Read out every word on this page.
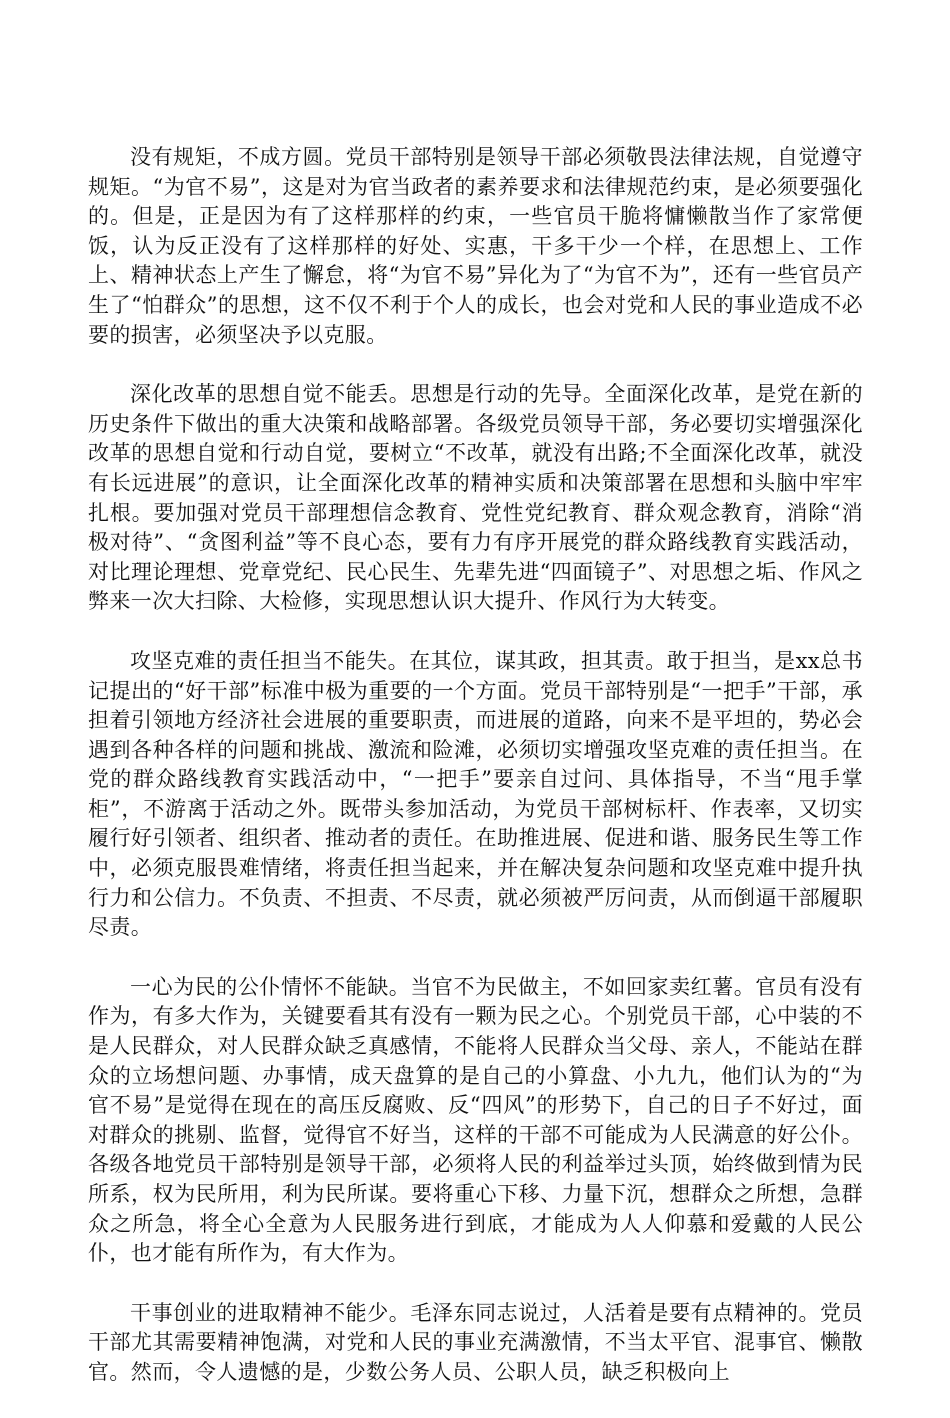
没有规矩，不成方圆。党员干部特别是领导干部必须敬畏法律法规，自觉遵守规矩。“为官不易”，这是对为官当政者的素养要求和法律规范约束，是必须要强化的。但是，正是因为有了这样那样的约束，一些官员干脆将慵懒散当作了家常便饭，认为反正没有了这样那样的好处、实惠，干多干少一个样，在思想上、工作上、精神状态上产生了懈怠，将“为官不易”异化为了“为官不为”，还有一些官员产生了“怕群众”的思想，这不仅不利于个人的成长，也会对党和人民的事业造成不必要的损害，必须坚决予以克服。

深化改革的思想自觉不能丢。思想是行动的先导。全面深化改革，是党在新的历史条件下做出的重大决策和战略部署。各级党员领导干部，务必要切实增强深化改革的思想自觉和行动自觉，要树立“不改革，就没有出路;不全面深化改革，就没有长远进展”的意识，让全面深化改革的精神实质和决策部署在思想和头脑中牢牢扎根。要加强对党员干部理想信念教育、党性党纪教育、群众观念教育，消除“消极对待”、“贪图利益”等不良心态，要有力有序开展党的群众路线教育实践活动，对比理论理想、党章党纪、民心民生、先辈先进“四面镜子”、对思想之垢、作风之弊来一次大扫除、大检修，实现思想认识大提升、作风行为大转变。

攻坚克难的责任担当不能失。在其位，谋其政，担其责。敢于担当，是xx总书记提出的“好干部”标准中极为重要的一个方面。党员干部特别是“一把手”干部，承担着引领地方经济社会进展的重要职责，而进展的道路，向来不是平坦的，势必会遇到各种各样的问题和挑战、激流和险滩，必须切实增强攻坚克难的责任担当。在党的群众路线教育实践活动中，“一把手”要亲自过问、具体指导，不当“甩手掌柜”，不游离于活动之外。既带头参加活动，为党员干部树标杆、作表率，又切实履行好引领者、组织者、推动者的责任。在助推进展、促进和谐、服务民生等工作中，必须克服畏难情绪，将责任担当起来，并在解决复杂问题和攻坚克难中提升执行力和公信力。不负责、不担责、不尽责，就必须被严厉问责，从而倒逼干部履职尽责。

一心为民的公仆情怀不能缺。当官不为民做主，不如回家卖红薯。官员有没有作为，有多大作为，关键要看其有没有一颗为民之心。个别党员干部，心中装的不是人民群众，对人民群众缺乏真感情，不能将人民群众当父母、亲人，不能站在群众的立场想问题、办事情，成天盘算的是自己的小算盘、小九九，他们认为的“为官不易”是觉得在现在的高压反腐败、反“四风”的形势下，自己的日子不好过，面对群众的挑剔、监督，觉得官不好当，这样的干部不可能成为人民满意的好公仆。各级各地党员干部特别是领导干部，必须将人民的利益举过头顶，始终做到情为民所系，权为民所用，利为民所谋。要将重心下移、力量下沉，想群众之所想，急群众之所急，将全心全意为人民服务进行到底，才能成为人人仰慕和爱戴的人民公仆，也才能有所作为，有大作为。

干事创业的进取精神不能少。毛泽东同志说过，人活着是要有点精神的。党员干部尤其需要精神饱满，对党和人民的事业充满激情，不当太平官、混事官、懒散官。然而，令人遗憾的是，少数公务人员、公职人员，缺乏积极向上
